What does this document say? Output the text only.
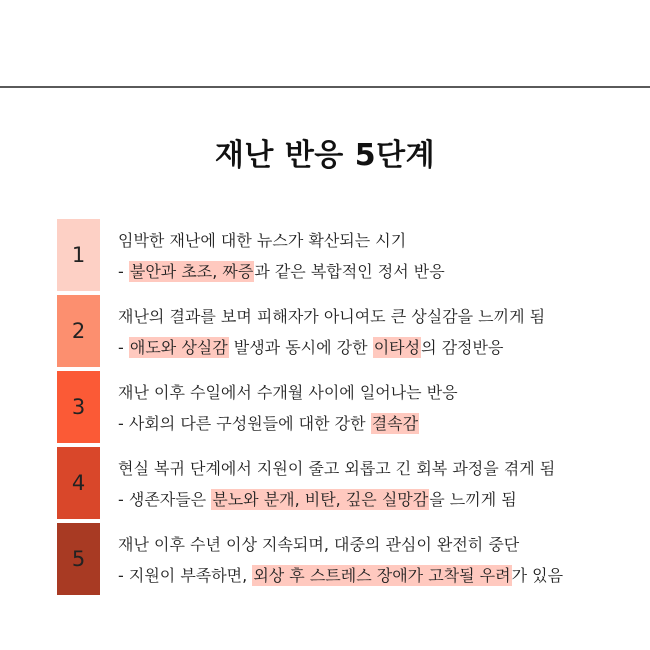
재난 반응 5단계
1
임박한 재난에 대한 뉴스가 확산되는 시기
- 불안과 초조, 짜증과 같은 복합적인 정서 반응
2
재난의 결과를 보며 피해자가 아니여도 큰 상실감을 느끼게 됨
- 애도와 상실감 발생과 동시에 강한 이타성의 감정반응
3
재난 이후 수일에서 수개월 사이에 일어나는 반응
- 사회의 다른 구성원들에 대한 강한 결속감
4
현실 복귀 단계에서 지원이 줄고 외롭고 긴 회복 과정을 겪게 됨
- 생존자들은 분노와 분개, 비탄, 깊은 실망감을 느끼게 됨
5
재난 이후 수년 이상 지속되며, 대중의 관심이 완전히 중단
- 지원이 부족하면, 외상 후 스트레스 장애가 고착될 우려가 있음
